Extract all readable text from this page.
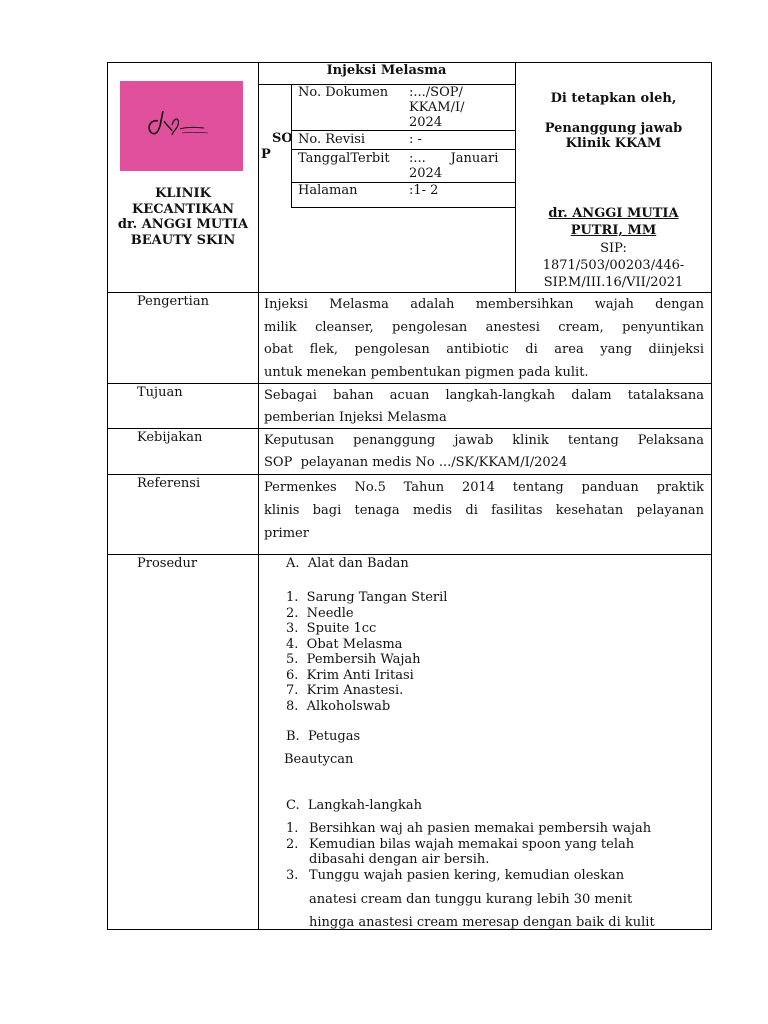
KLINIK
KECANTIKAN
dr. ANGGI MUTIA
BEAUTY SKIN
Injeksi Melasma
SO
P
No. Dokumen :.../SOP/
KKAM/I/
2024
No. Revisi	: -
TanggalTerbit :...      Januari
2024
Halaman	:1- 2
Di tetapkan oleh,
Penanggung jawab
Klinik KKAM
dr. ANGGI MUTIA
PUTRI, MM
SIP:
1871/503/00203/446-
SIP.M/III.16/VII/2021
Pengertian	Injeksi Melasma adalah membersihkan wajah dengan
milik cleanser, pengolesan anestesi cream, penyuntikan
obat flek, pengolesan antibiotic di area yang diinjeksi
untuk menekan pembentukan pigmen pada kulit.
Tujuan	Sebagai bahan acuan langkah-langkah dalam tatalaksana
pemberian Injeksi Melasma
Kebijakan	Keputusan penanggung jawab klinik tentang Pelaksana
SOP  pelayanan medis No .../SK/KKAM/I/2024
Referensi	Permenkes No.5 Tahun 2014 tentang panduan praktik
klinis bagi tenaga medis di fasilitas kesehatan pelayanan
primer
Prosedur	A.  Alat dan Badan
1.  Sarung Tangan Steril
2.  Needle
3.  Spuite 1cc
4.  Obat Melasma
5.  Pembersih Wajah
6.  Krim Anti Iritasi
7.  Krim Anastesi.
8.  Alkoholswab
B.  Petugas
Beautycan
C.  Langkah-langkah
1. Bersihkan waj ah pasien memakai pembersih wajah
2. Kemudian bilas wajah memakai spoon yang telah
dibasahi dengan air bersih.
3. Tunggu wajah pasien kering, kemudian oleskan
anatesi cream dan tunggu kurang lebih 30 menit
hingga anastesi cream meresap dengan baik di kulit
